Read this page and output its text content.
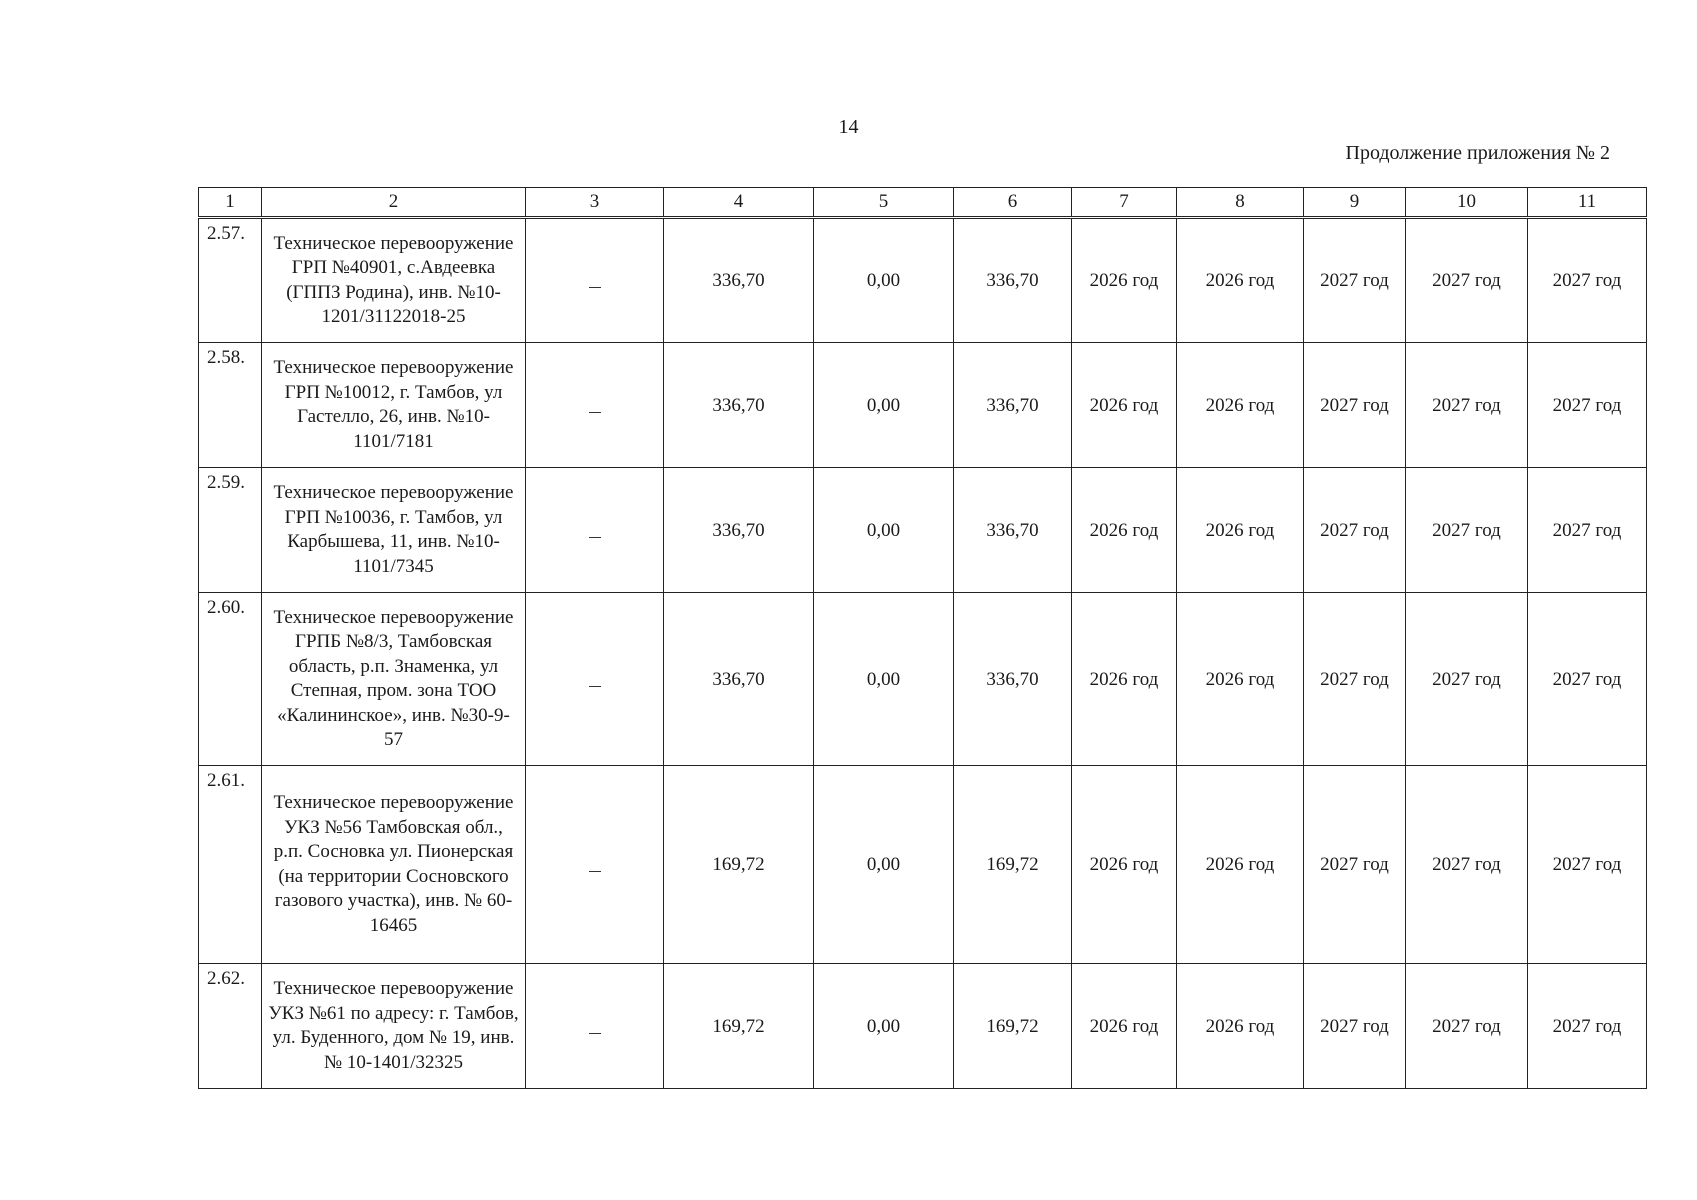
14
Продолжение приложения № 2
1	2	3	4	5	6	7	8	9	10	11
2.57.	Техническое перевооружение ГРП №40901, с.Авдеевка (ГППЗ Родина), инв. №10-1201/31122018-25		336,70	0,00	336,70	2026 год	2026 год	2027 год	2027 год	2027 год
2.58.	Техническое перевооружение ГРП №10012, г. Тамбов, ул Гастелло, 26, инв. №10-1101/7181		336,70	0,00	336,70	2026 год	2026 год	2027 год	2027 год	2027 год
2.59.	Техническое перевооружение ГРП №10036, г. Тамбов, ул Карбышева, 11, инв. №10-1101/7345		336,70	0,00	336,70	2026 год	2026 год	2027 год	2027 год	2027 год
2.60.	Техническое перевооружение ГРПБ №8/3, Тамбовская область, р.п. Знаменка, ул Степная, пром. зона ТОО «Калининское», инв. №30-9-57		336,70	0,00	336,70	2026 год	2026 год	2027 год	2027 год	2027 год
2.61.	Техническое перевооружение УКЗ №56 Тамбовская обл., р.п. Сосновка ул. Пионерская (на территории Сосновского газового участка), инв. № 60-16465		169,72	0,00	169,72	2026 год	2026 год	2027 год	2027 год	2027 год
2.62.	Техническое перевооружение УКЗ №61 по адресу: г. Тамбов, ул. Буденного, дом № 19, инв. № 10-1401/32325		169,72	0,00	169,72	2026 год	2026 год	2027 год	2027 год	2027 год
